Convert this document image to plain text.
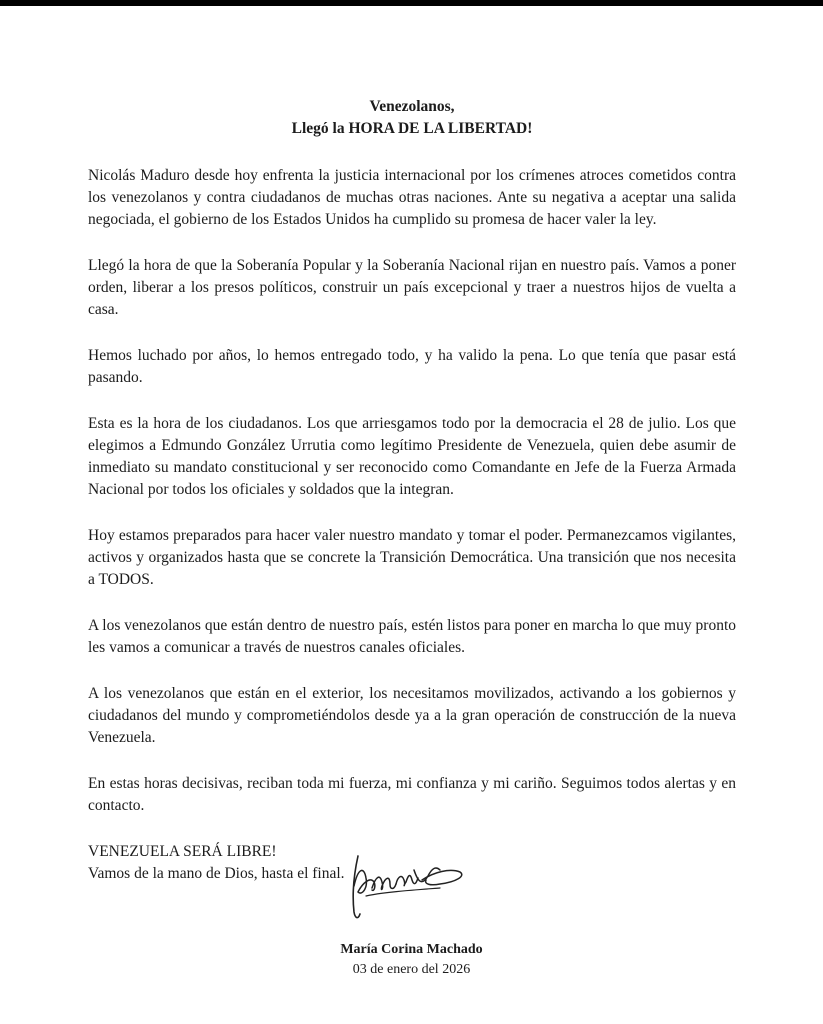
Venezolanos,
Llegó la HORA DE LA LIBERTAD!

Nicolás Maduro desde hoy enfrenta la justicia internacional por los crímenes atroces cometidos contra los venezolanos y contra ciudadanos de muchas otras naciones. Ante su negativa a aceptar una salida negociada, el gobierno de los Estados Unidos ha cumplido su promesa de hacer valer la ley.

Llegó la hora de que la Soberanía Popular y la Soberanía Nacional rijan en nuestro país. Vamos a poner orden, liberar a los presos políticos, construir un país excepcional y traer a nuestros hijos de vuelta a casa.

Hemos luchado por años, lo hemos entregado todo, y ha valido la pena. Lo que tenía que pasar está pasando.

Esta es la hora de los ciudadanos. Los que arriesgamos todo por la democracia el 28 de julio. Los que elegimos a Edmundo González Urrutia como legítimo Presidente de Venezuela, quien debe asumir de inmediato su mandato constitucional y ser reconocido como Comandante en Jefe de la Fuerza Armada Nacional por todos los oficiales y soldados que la integran.

Hoy estamos preparados para hacer valer nuestro mandato y tomar el poder. Permanezcamos vigilantes, activos y organizados hasta que se concrete la Transición Democrática. Una transición que nos necesita a TODOS.

A los venezolanos que están dentro de nuestro país, estén listos para poner en marcha lo que muy pronto les vamos a comunicar a través de nuestros canales oficiales.

A los venezolanos que están en el exterior, los necesitamos movilizados, activando a los gobiernos y ciudadanos del mundo y comprometiéndolos desde ya a la gran operación de construcción de la nueva Venezuela.

En estas horas decisivas, reciban toda mi fuerza, mi confianza y mi cariño. Seguimos todos alertas y en contacto.

VENEZUELA SERÁ LIBRE!
Vamos de la mano de Dios, hasta el final.

María Corina Machado
03 de enero del 2026
